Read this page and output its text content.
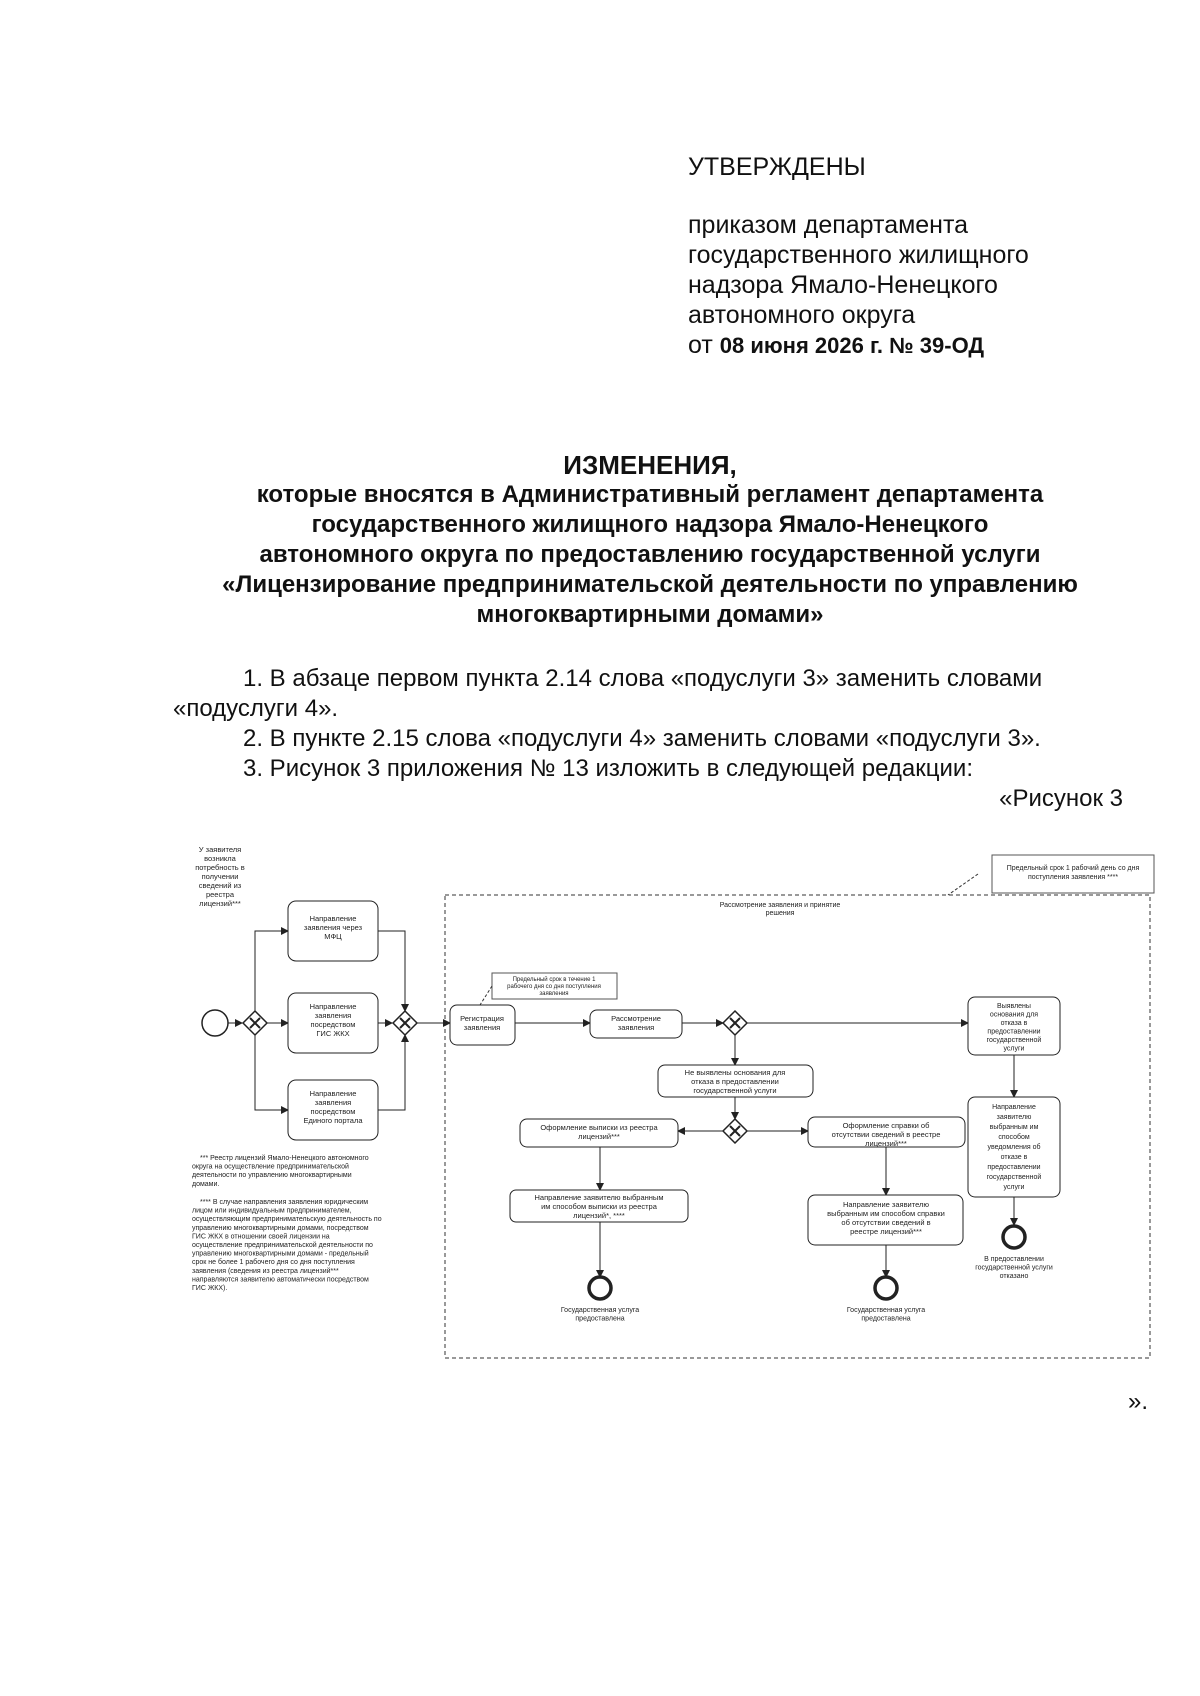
УТВЕРЖДЕНЫ
приказом департамента
государственного жилищного
надзора Ямало-Ненецкого
автономного округа
от 08 июня 2026 г. № 39-ОД
ИЗМЕНЕНИЯ,
которые вносятся в Административный регламент департамента
государственного жилищного надзора Ямало-Ненецкого
автономного округа по предоставлению государственной услуги
«Лицензирование предпринимательской деятельности по управлению
многоквартирными домами»

1. В абзаце первом пункта 2.14 слова «подуслуги 3» заменить словами «подуслуги 4».

2. В пункте 2.15 слова «подуслуги 4» заменить словами «подуслуги 3».

3. Рисунок 3 приложения № 13 изложить в следующей редакции:

«Рисунок 3

У заявителя возникла потребность в получении сведений из реестра лицензий***
Направление заявления через МФЦ
Направление заявления посредством ГИС ЖКХ
Направление заявления посредством Единого портала
Предельный срок 1 рабочий день со дня поступления заявления ****
Рассмотрение заявления и принятие решения
Предельный срок в течение 1 рабочего дня со дня поступления заявления
Регистрация заявления
Рассмотрение заявления
Выявлены основания для отказа в предоставлении государственной услуги
Не выявлены основания для отказа в предоставлении государственной услуги
Оформление выписки из реестра лицензий***
Оформление справки об отсутствии сведений в реестре лицензий***
Направление заявителю выбранным им способом уведомления об отказе в предоставлении государственной услуги
Направление заявителю выбранным им способом выписки из реестра лицензий*, ****
Направление заявителю выбранным им способом справки об отсутствии сведений в реестре лицензий***
В предоставлении государственной услуги отказано
Государственная услуга предоставлена
Государственная услуга предоставлена
*** Реестр лицензий Ямало-Ненецкого автономного округа на осуществление предпринимательской деятельности по управлению многоквартирными домами.
**** В случае направления заявления юридическим лицом или индивидуальным предпринимателем, осуществляющим предпринимательскую деятельность по управлению многоквартирными домами, посредством ГИС ЖКХ в отношении своей лицензии на осуществление предпринимательской деятельности по управлению многоквартирными домами - предельный срок не более 1 рабочего дня со дня поступления заявления (сведения из реестра лицензий*** направляются заявителю автоматически посредством ГИС ЖКХ).
».
